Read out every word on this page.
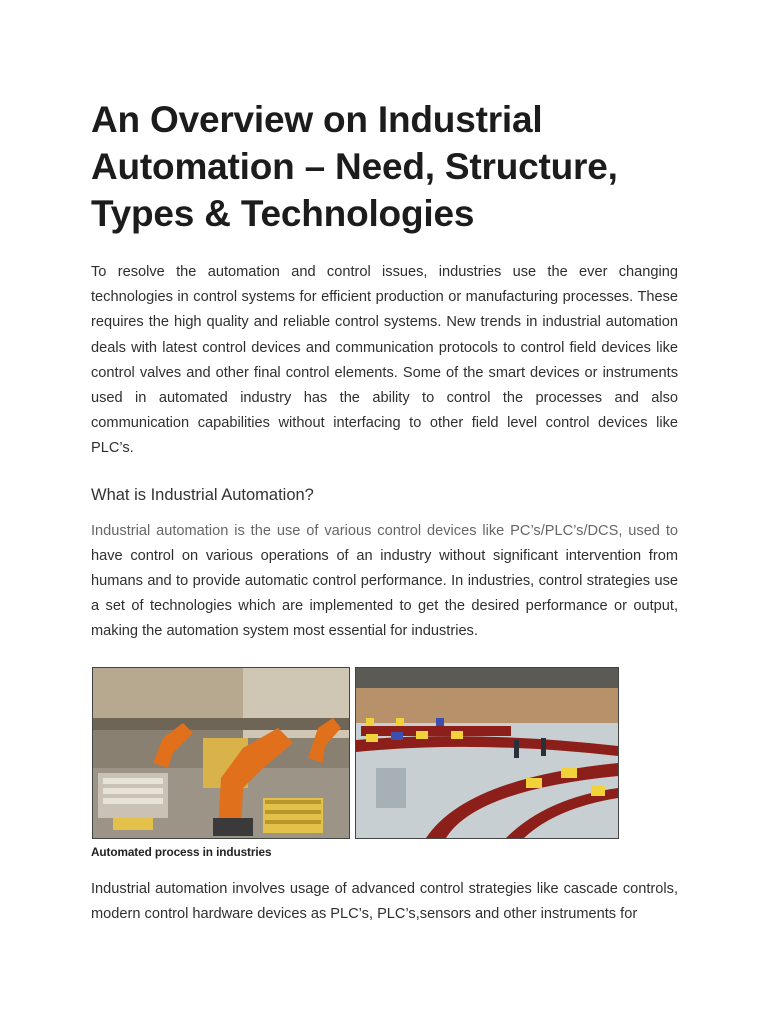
An Overview on Industrial Automation – Need, Structure, Types & Technologies

To resolve the automation and control issues, industries use the ever changing technologies in control systems for efficient production or manufacturing processes. These requires the high quality and reliable control systems. New trends in industrial automation deals with latest control devices and communication protocols to control field devices like control valves and other final control elements. Some of the smart devices or instruments used in automated industry has the ability to control the processes and also communication capabilities without interfacing to other field level control devices like PLC’s.

What is Industrial Automation?

Industrial automation is the use of various control devices like PC’s/PLC’s/DCS, used to have control on various operations of an industry without significant intervention from humans and to provide automatic control performance. In industries, control strategies use a set of technologies which are implemented to get the desired performance or output, making the automation system most essential for industries.

Automated process in industries

Industrial automation involves usage of advanced control strategies like cascade controls, modern control hardware devices as PLC’s, PLC’s,sensors and other instruments for
